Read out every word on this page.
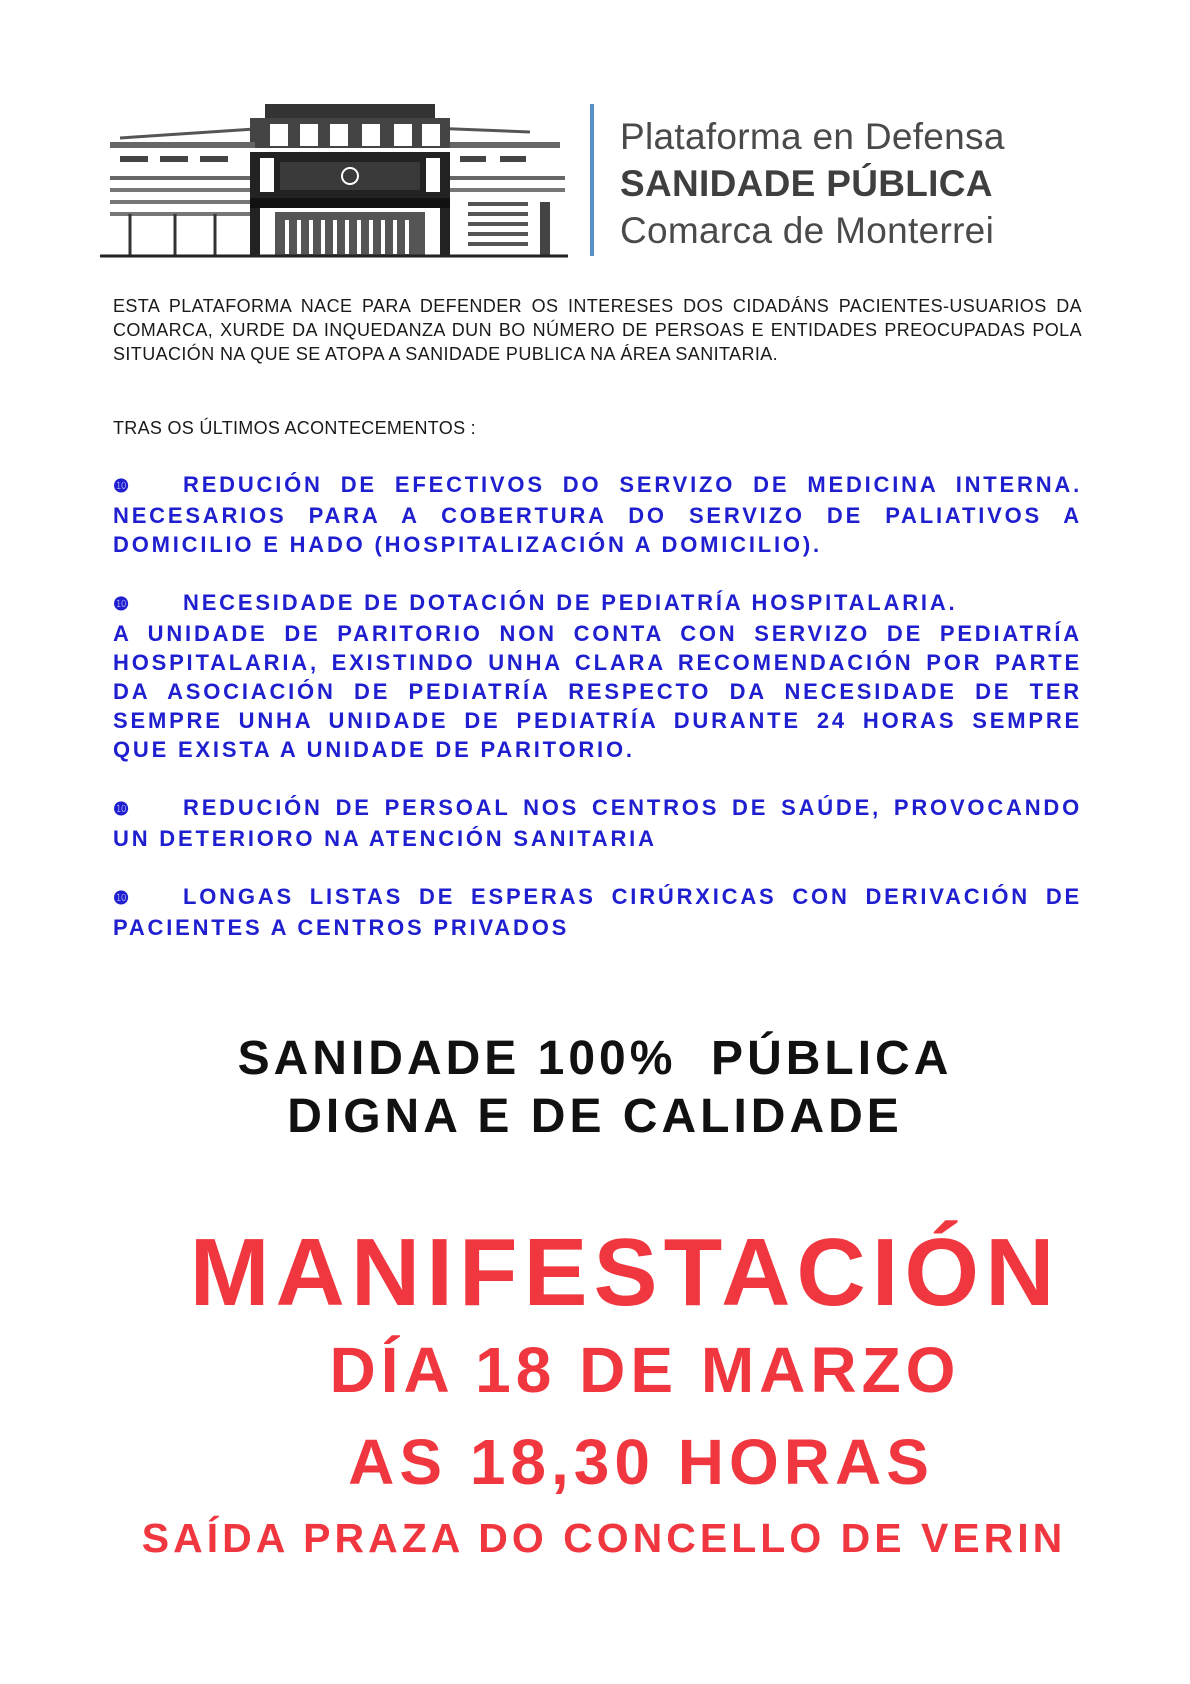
Plataforma en Defensa
SANIDADE PÚBLICA
Comarca de Monterrei
ESTA PLATAFORMA NACE PARA DEFENDER OS INTERESES DOS CIDADÁNS PACIENTES-USUARIOS DA COMARCA, XURDE DA INQUEDANZA DUN BO NÚMERO DE PERSOAS E ENTIDADES PREOCUPADAS POLA SITUACIÓN NA QUE SE ATOPA A SANIDADE PUBLICA NA ÁREA SANITARIA.
TRAS OS ÚLTIMOS ACONTECEMENTOS :

❿ REDUCIÓN DE EFECTIVOS DO SERVIZO DE MEDICINA INTERNA. NECESARIOS PARA A COBERTURA DO SERVIZO DE PALIATIVOS A DOMICILIO E HADO (HOSPITALIZACIÓN A DOMICILIO).

❿ NECESIDADE DE DOTACIÓN DE PEDIATRÍA HOSPITALARIA.

A UNIDADE DE PARITORIO NON CONTA CON SERVIZO DE PEDIATRÍA HOSPITALARIA, EXISTINDO UNHA CLARA RECOMENDACIÓN POR PARTE DA ASOCIACIÓN DE PEDIATRÍA RESPECTO DA NECESIDADE DE TER SEMPRE UNHA UNIDADE DE PEDIATRÍA DURANTE 24 HORAS SEMPRE QUE EXISTA A UNIDADE DE PARITORIO.

❿ REDUCIÓN DE PERSOAL NOS CENTROS DE SAÚDE, PROVOCANDO UN DETERIORO NA ATENCIÓN SANITARIA

❿ LONGAS LISTAS DE ESPERAS CIRÚRXICAS CON DERIVACIÓN DE PACIENTES A CENTROS PRIVADOS

SANIDADE 100%  PÚBLICA
DIGNA E DE CALIDADE
MANIFESTACIÓN
DÍA 18 DE MARZO
AS 18,30 HORAS
SAÍDA PRAZA DO CONCELLO DE VERIN
